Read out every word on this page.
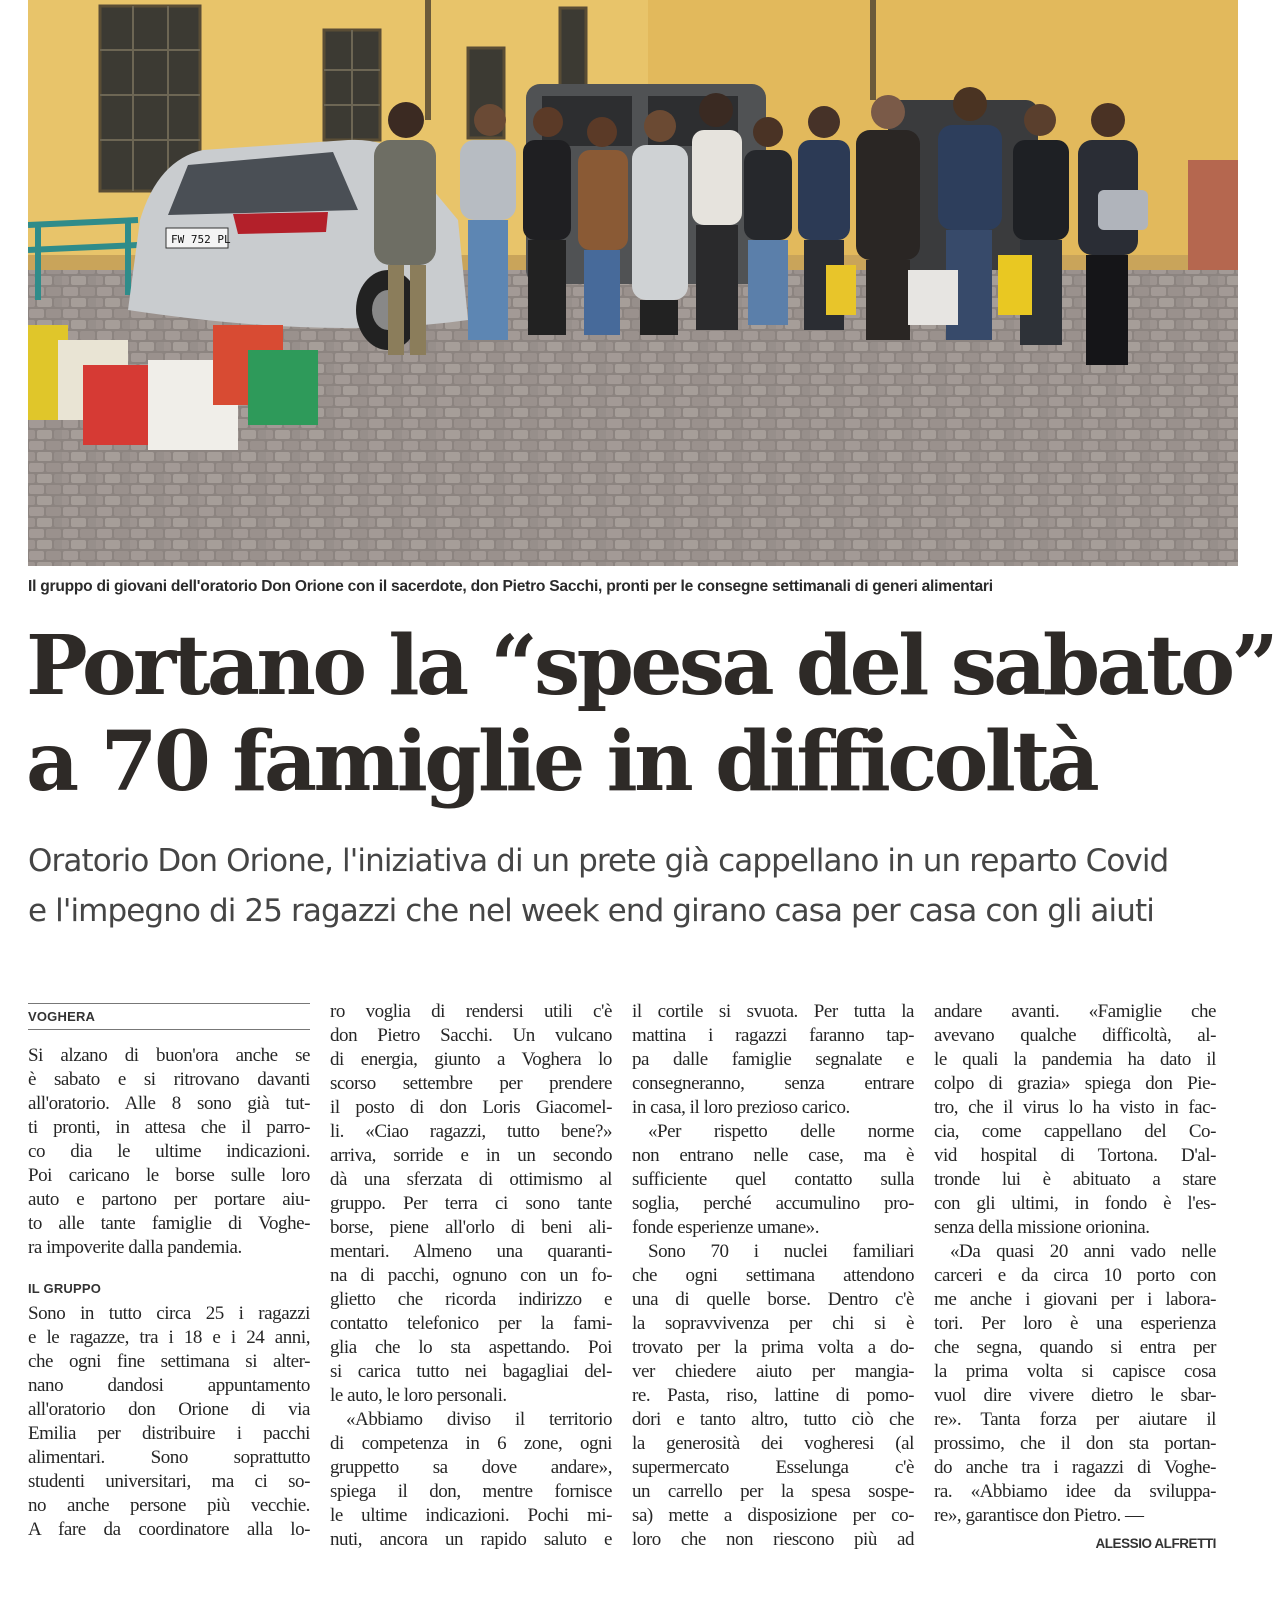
FW 752 PL
Il gruppo di giovani dell'oratorio Don Orione con il sacerdote, don Pietro Sacchi, pronti per le consegne settimanali di generi alimentari
Portano la “spesa del sabato”
a 70 famiglie in difficoltà
Oratorio Don Orione, l'iniziativa di un prete già cappellano in un reparto Covid
e l'impegno di 25 ragazzi che nel week end girano casa per casa con gli aiuti
VOGHERA

Si alzano di buon'ora anche se
è sabato e si ritrovano davanti
all'oratorio. Alle 8 sono già tut-
ti pronti, in attesa che il parro-
co dia le ultime indicazioni.
Poi caricano le borse sulle loro
auto e partono per portare aiu-
to alle tante famiglie di Voghe-
ra impoverite dalla pandemia.

IL GRUPPO

Sono in tutto circa 25 i ragazzi
e le ragazze, tra i 18 e i 24 anni,
che ogni fine settimana si alter-
nano dandosi appuntamento
all'oratorio don Orione di via
Emilia per distribuire i pacchi
alimentari. Sono soprattutto
studenti universitari, ma ci so-
no anche persone più vecchie.
A fare da coordinatore alla lo-

ro voglia di rendersi utili c'è
don Pietro Sacchi. Un vulcano
di energia, giunto a Voghera lo
scorso settembre per prendere
il posto di don Loris Giacomel-
li. «Ciao ragazzi, tutto bene?»
arriva, sorride e in un secondo
dà una sferzata di ottimismo al
gruppo. Per terra ci sono tante
borse, piene all'orlo di beni ali-
mentari. Almeno una quaranti-
na di pacchi, ognuno con un fo-
glietto che ricorda indirizzo e
contatto telefonico per la fami-
glia che lo sta aspettando. Poi
si carica tutto nei bagagliai del-
le auto, le loro personali.

«Abbiamo diviso il territorio
di competenza in 6 zone, ogni
gruppetto sa dove andare»,
spiega il don, mentre fornisce
le ultime indicazioni. Pochi mi-
nuti, ancora un rapido saluto e

il cortile si svuota. Per tutta la
mattina i ragazzi faranno tap-
pa dalle famiglie segnalate e
consegneranno, senza entrare
in casa, il loro prezioso carico.

«Per rispetto delle norme
non entrano nelle case, ma è
sufficiente quel contatto sulla
soglia, perché accumulino pro-
fonde esperienze umane».

Sono 70 i nuclei familiari
che ogni settimana attendono
una di quelle borse. Dentro c'è
la sopravvivenza per chi si è
trovato per la prima volta a do-
ver chiedere aiuto per mangia-
re. Pasta, riso, lattine di pomo-
dori e tanto altro, tutto ciò che
la generosità dei vogheresi (al
supermercato Esselunga c'è
un carrello per la spesa sospe-
sa) mette a disposizione per co-
loro che non riescono più ad

andare avanti. «Famiglie che
avevano qualche difficoltà, al-
le quali la pandemia ha dato il
colpo di grazia» spiega don Pie-
tro, che il virus lo ha visto in fac-
cia, come cappellano del Co-
vid hospital di Tortona. D'al-
tronde lui è abituato a stare
con gli ultimi, in fondo è l'es-
senza della missione orionina.

«Da quasi 20 anni vado nelle
carceri e da circa 10 porto con
me anche i giovani per i labora-
tori. Per loro è una esperienza
che segna, quando si entra per
la prima volta si capisce cosa
vuol dire vivere dietro le sbar-
re». Tanta forza per aiutare il
prossimo, che il don sta portan-
do anche tra i ragazzi di Voghe-
ra. «Abbiamo idee da sviluppa-
re», garantisce don Pietro. —

ALESSIO ALFRETTI
